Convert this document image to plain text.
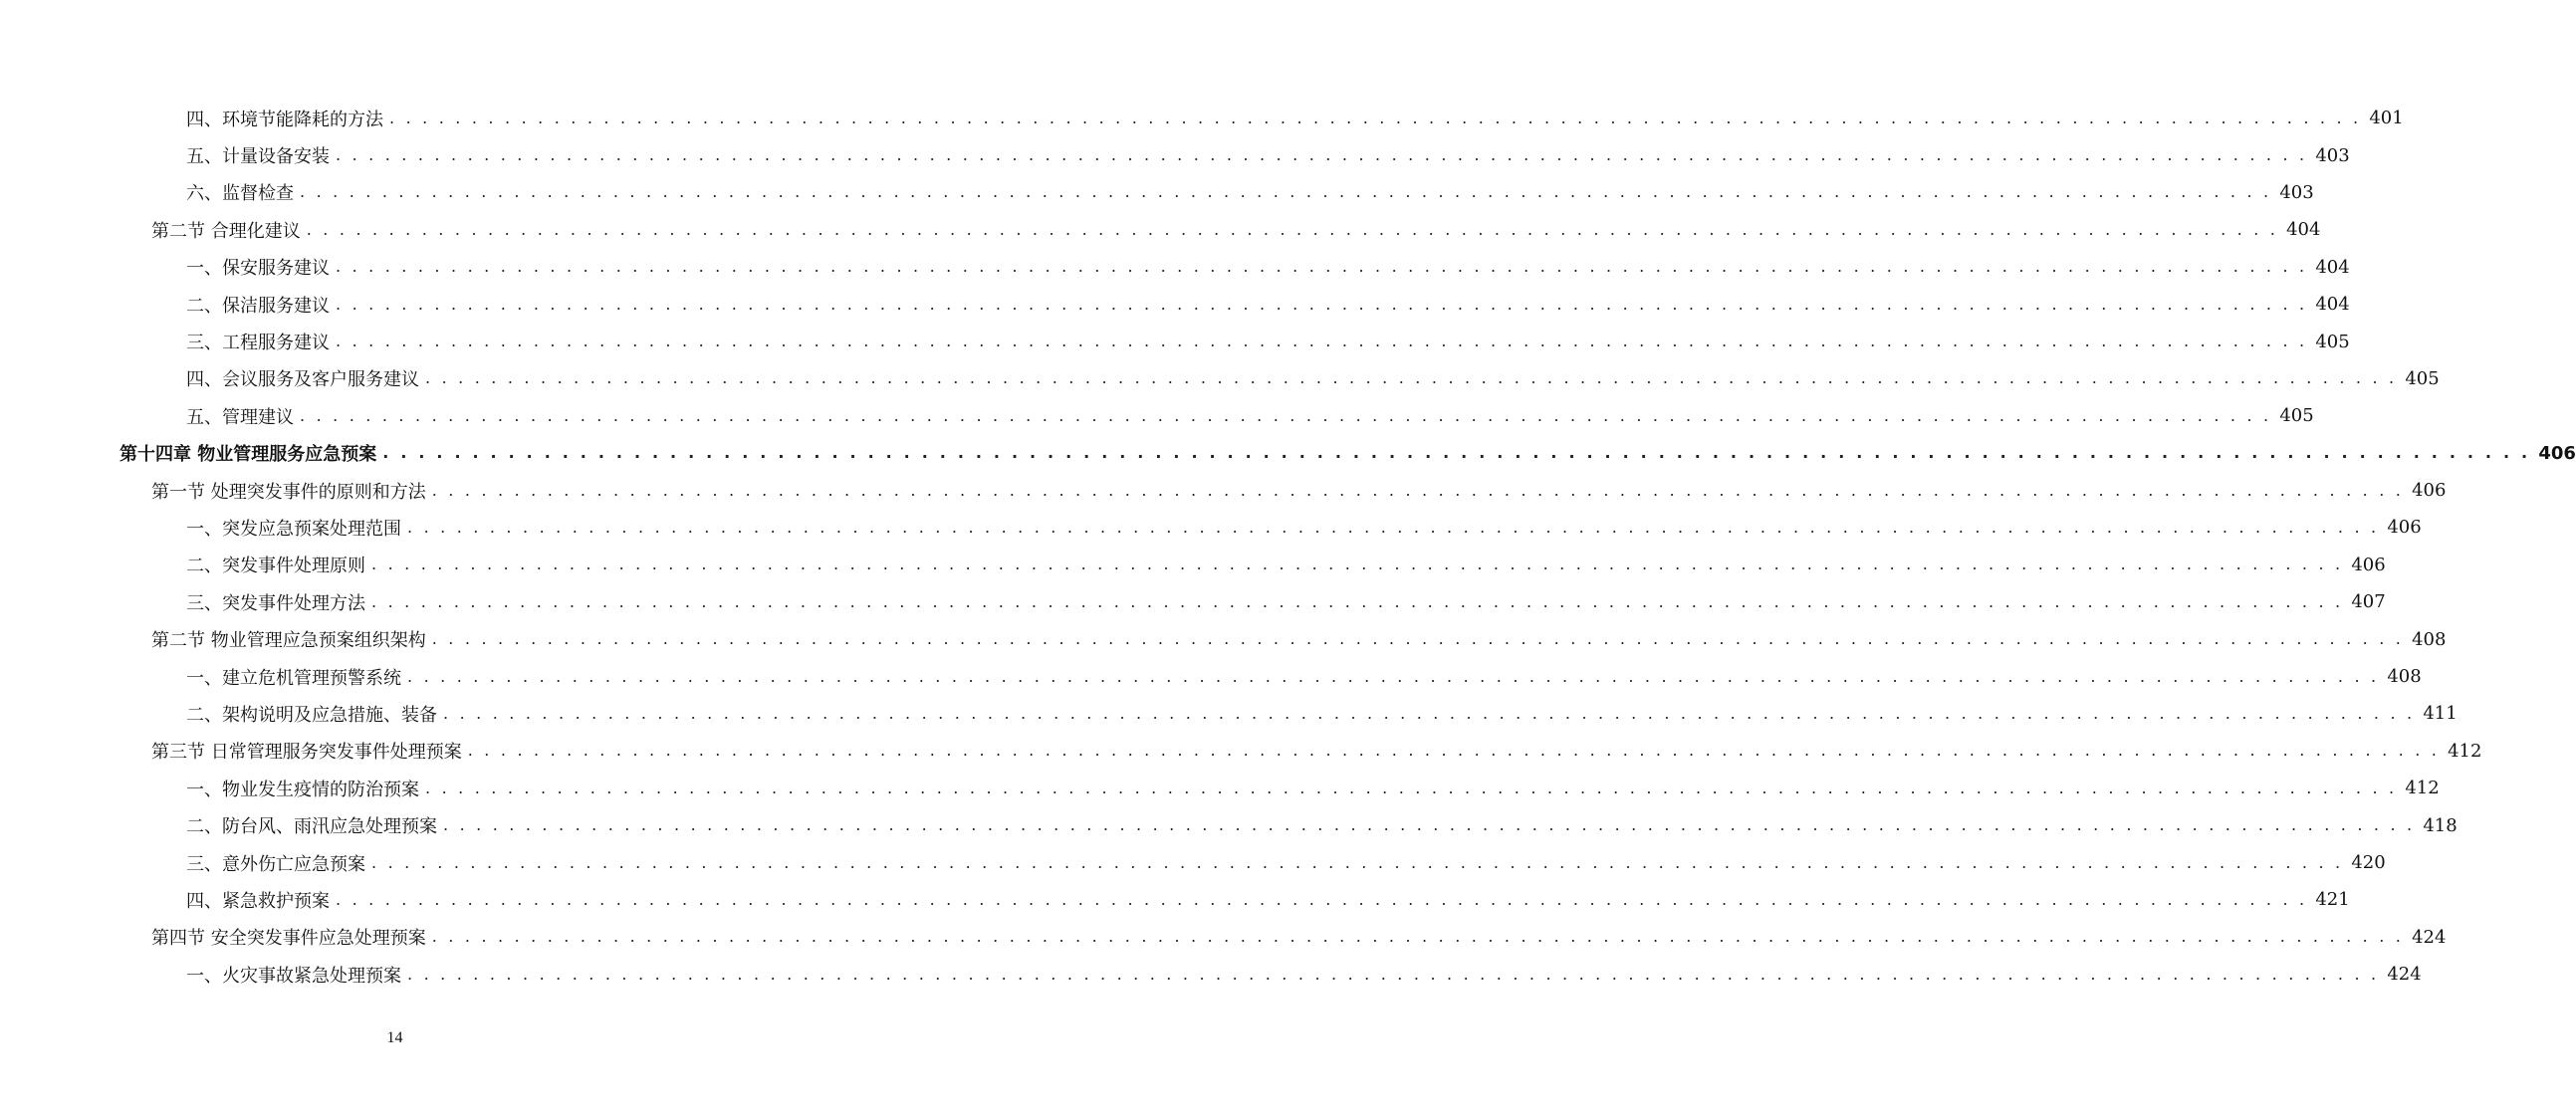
四、环境节能降耗的方法 . . . . . . . . . . . . . . . . . . . . . . . . . . . . . . . . . . . . . . . . . . . . . . . . . . . . . . . . . . . . . . . . . . . . . . . . . . . . . . . . . . . . . . . . . . . . . . . . . . . . . . . . . . . . . . . . . . . . . . . . 401
五、计量设备安装 . . . . . . . . . . . . . . . . . . . . . . . . . . . . . . . . . . . . . . . . . . . . . . . . . . . . . . . . . . . . . . . . . . . . . . . . . . . . . . . . . . . . . . . . . . . . . . . . . . . . . . . . . . . . . . . . . . . . . . . . 403
六、监督检查 . . . . . . . . . . . . . . . . . . . . . . . . . . . . . . . . . . . . . . . . . . . . . . . . . . . . . . . . . . . . . . . . . . . . . . . . . . . . . . . . . . . . . . . . . . . . . . . . . . . . . . . . . . . . . . . . . . . . . . . . 403
第二节 合理化建议 . . . . . . . . . . . . . . . . . . . . . . . . . . . . . . . . . . . . . . . . . . . . . . . . . . . . . . . . . . . . . . . . . . . . . . . . . . . . . . . . . . . . . . . . . . . . . . . . . . . . . . . . . . . . . . . . . . . . . . . . 404
一、保安服务建议 . . . . . . . . . . . . . . . . . . . . . . . . . . . . . . . . . . . . . . . . . . . . . . . . . . . . . . . . . . . . . . . . . . . . . . . . . . . . . . . . . . . . . . . . . . . . . . . . . . . . . . . . . . . . . . . . . . . . . . . . 404
二、保洁服务建议 . . . . . . . . . . . . . . . . . . . . . . . . . . . . . . . . . . . . . . . . . . . . . . . . . . . . . . . . . . . . . . . . . . . . . . . . . . . . . . . . . . . . . . . . . . . . . . . . . . . . . . . . . . . . . . . . . . . . . . . . 404
三、工程服务建议 . . . . . . . . . . . . . . . . . . . . . . . . . . . . . . . . . . . . . . . . . . . . . . . . . . . . . . . . . . . . . . . . . . . . . . . . . . . . . . . . . . . . . . . . . . . . . . . . . . . . . . . . . . . . . . . . . . . . . . . . 405
四、会议服务及客户服务建议 . . . . . . . . . . . . . . . . . . . . . . . . . . . . . . . . . . . . . . . . . . . . . . . . . . . . . . . . . . . . . . . . . . . . . . . . . . . . . . . . . . . . . . . . . . . . . . . . . . . . . . . . . . . . . . . . . . . . . . . . 405
五、管理建议 . . . . . . . . . . . . . . . . . . . . . . . . . . . . . . . . . . . . . . . . . . . . . . . . . . . . . . . . . . . . . . . . . . . . . . . . . . . . . . . . . . . . . . . . . . . . . . . . . . . . . . . . . . . . . . . . . . . . . . . . 405
第十四章 物业管理服务应急预案 . . . . . . . . . . . . . . . . . . . . . . . . . . . . . . . . . . . . . . . . . . . . . . . . . . . . . . . . . . . . . . . . . . . . . . . . . . . . . . . . . . . . . . . . . . . . . . . . . . . . . . . . . . . . . . . . . . . . . . . . 406
第一节 处理突发事件的原则和方法 . . . . . . . . . . . . . . . . . . . . . . . . . . . . . . . . . . . . . . . . . . . . . . . . . . . . . . . . . . . . . . . . . . . . . . . . . . . . . . . . . . . . . . . . . . . . . . . . . . . . . . . . . . . . . . . . . . . . . . . . 406
一、突发应急预案处理范围 . . . . . . . . . . . . . . . . . . . . . . . . . . . . . . . . . . . . . . . . . . . . . . . . . . . . . . . . . . . . . . . . . . . . . . . . . . . . . . . . . . . . . . . . . . . . . . . . . . . . . . . . . . . . . . . . . . . . . . . . 406
二、突发事件处理原则 . . . . . . . . . . . . . . . . . . . . . . . . . . . . . . . . . . . . . . . . . . . . . . . . . . . . . . . . . . . . . . . . . . . . . . . . . . . . . . . . . . . . . . . . . . . . . . . . . . . . . . . . . . . . . . . . . . . . . . . . 406
三、突发事件处理方法 . . . . . . . . . . . . . . . . . . . . . . . . . . . . . . . . . . . . . . . . . . . . . . . . . . . . . . . . . . . . . . . . . . . . . . . . . . . . . . . . . . . . . . . . . . . . . . . . . . . . . . . . . . . . . . . . . . . . . . . . 407
第二节 物业管理应急预案组织架构 . . . . . . . . . . . . . . . . . . . . . . . . . . . . . . . . . . . . . . . . . . . . . . . . . . . . . . . . . . . . . . . . . . . . . . . . . . . . . . . . . . . . . . . . . . . . . . . . . . . . . . . . . . . . . . . . . . . . . . . . 408
一、建立危机管理预警系统 . . . . . . . . . . . . . . . . . . . . . . . . . . . . . . . . . . . . . . . . . . . . . . . . . . . . . . . . . . . . . . . . . . . . . . . . . . . . . . . . . . . . . . . . . . . . . . . . . . . . . . . . . . . . . . . . . . . . . . . . 408
二、架构说明及应急措施、装备 . . . . . . . . . . . . . . . . . . . . . . . . . . . . . . . . . . . . . . . . . . . . . . . . . . . . . . . . . . . . . . . . . . . . . . . . . . . . . . . . . . . . . . . . . . . . . . . . . . . . . . . . . . . . . . . . . . . . . . . . 411
第三节 日常管理服务突发事件处理预案 . . . . . . . . . . . . . . . . . . . . . . . . . . . . . . . . . . . . . . . . . . . . . . . . . . . . . . . . . . . . . . . . . . . . . . . . . . . . . . . . . . . . . . . . . . . . . . . . . . . . . . . . . . . . . . . . . . . . . . . . 412
一、物业发生疫情的防治预案 . . . . . . . . . . . . . . . . . . . . . . . . . . . . . . . . . . . . . . . . . . . . . . . . . . . . . . . . . . . . . . . . . . . . . . . . . . . . . . . . . . . . . . . . . . . . . . . . . . . . . . . . . . . . . . . . . . . . . . . . 412
二、防台风、雨汛应急处理预案 . . . . . . . . . . . . . . . . . . . . . . . . . . . . . . . . . . . . . . . . . . . . . . . . . . . . . . . . . . . . . . . . . . . . . . . . . . . . . . . . . . . . . . . . . . . . . . . . . . . . . . . . . . . . . . . . . . . . . . . . 418
三、意外伤亡应急预案 . . . . . . . . . . . . . . . . . . . . . . . . . . . . . . . . . . . . . . . . . . . . . . . . . . . . . . . . . . . . . . . . . . . . . . . . . . . . . . . . . . . . . . . . . . . . . . . . . . . . . . . . . . . . . . . . . . . . . . . . 420
四、紧急救护预案 . . . . . . . . . . . . . . . . . . . . . . . . . . . . . . . . . . . . . . . . . . . . . . . . . . . . . . . . . . . . . . . . . . . . . . . . . . . . . . . . . . . . . . . . . . . . . . . . . . . . . . . . . . . . . . . . . . . . . . . . 421
第四节 安全突发事件应急处理预案 . . . . . . . . . . . . . . . . . . . . . . . . . . . . . . . . . . . . . . . . . . . . . . . . . . . . . . . . . . . . . . . . . . . . . . . . . . . . . . . . . . . . . . . . . . . . . . . . . . . . . . . . . . . . . . . . . . . . . . . . 424
一、火灾事故紧急处理预案 . . . . . . . . . . . . . . . . . . . . . . . . . . . . . . . . . . . . . . . . . . . . . . . . . . . . . . . . . . . . . . . . . . . . . . . . . . . . . . . . . . . . . . . . . . . . . . . . . . . . . . . . . . . . . . . . . . . . . . . . 424
14
